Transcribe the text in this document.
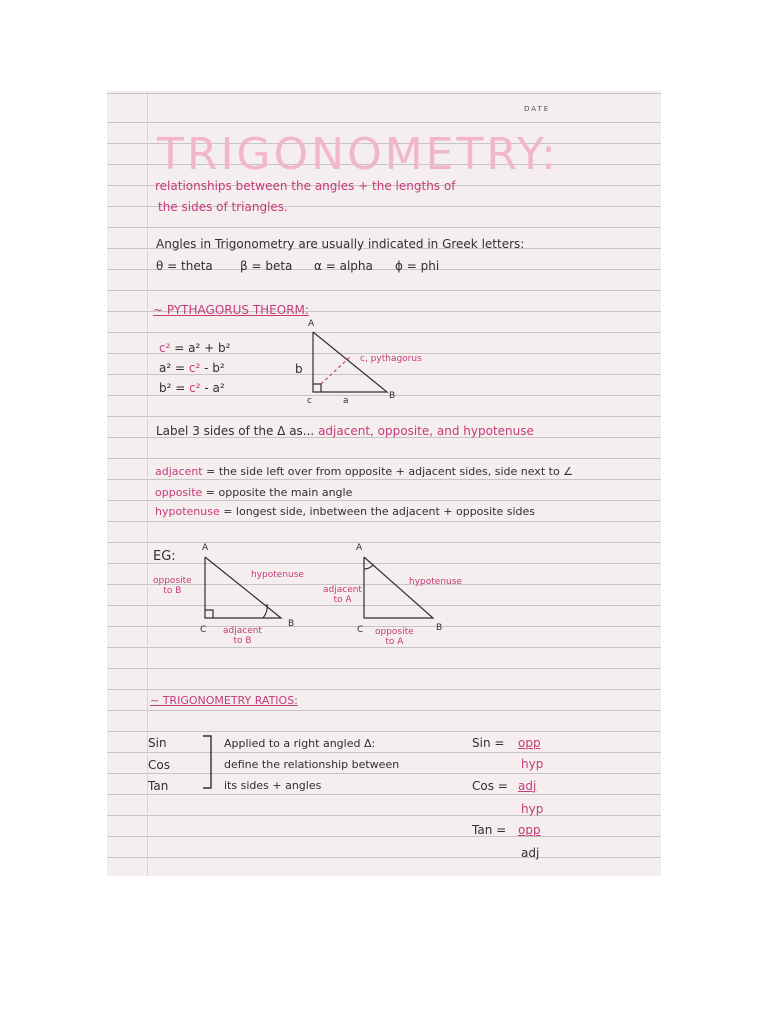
DATE
TRIGONOMETRY:
relationships between the angles + the lengths of
the sides of triangles.
Angles in Trigonometry are usually indicated in Greek letters:
θ = theta β = beta α = alpha ϕ = phi
~ PYTHAGORUS THEORM:
c² = a² + b²
a² = c² - b²
b² = c² - a²
A
b
c, pythagorus
B
c	a
Label 3 sides of the Δ as... adjacent, opposite, and hypotenuse
adjacent = the side left over from opposite + adjacent sides, side next to ∠
opposite = opposite the main angle
hypotenuse = longest side, inbetween the adjacent + opposite sides
EG:
A
C
B
opposite
to B
hypotenuse
adjacent
to B
A
C	B
adjacent
to A
hypotenuse
opposite
to A
~ TRIGONOMETRY RATIOS:
Sin
Cos
Tan
Applied to a right angled Δ:
define the relationship between
its sides + angles
Sin = opp
hyp
Cos = adj
hyp
Tan = opp
adj
